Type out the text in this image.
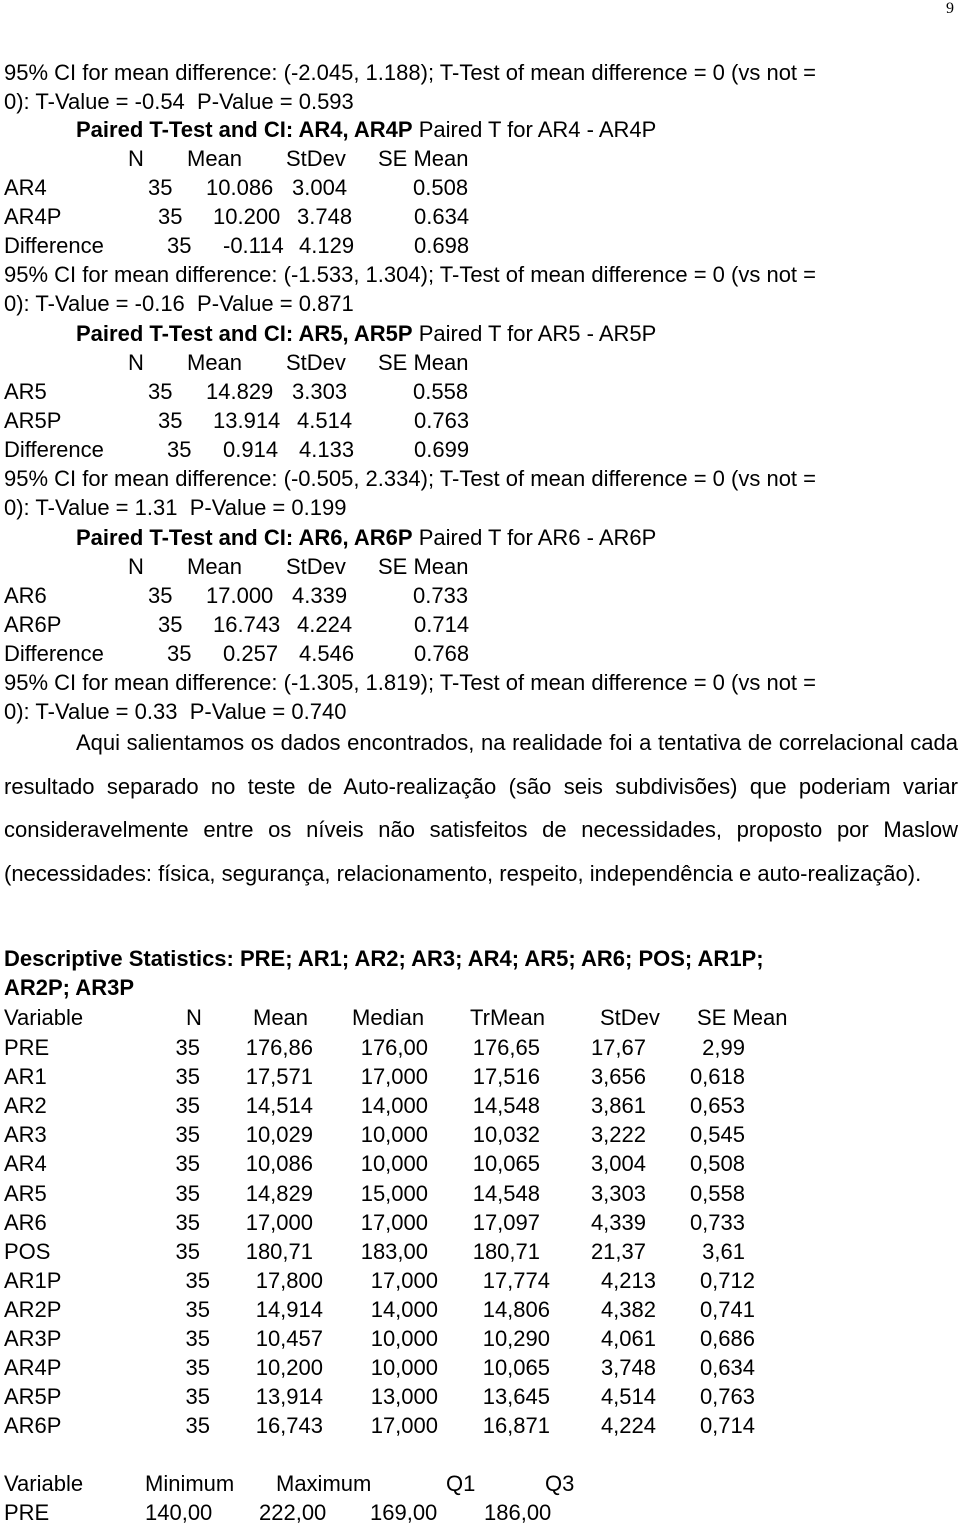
9
95% CI for mean difference: (-2.045, 1.188); T-Test of mean difference = 0 (vs not =
0): T-Value = -0.54  P-Value = 0.593
Paired T-Test and CI: AR4, AR4P Paired T for AR4 - AR4P
N Mean StDev SE Mean
AR4	35 10.086 3.004	0.508
AR4P	35 10.200 3.748	0.634
Difference	35 -0.114 4.129	0.698
95% CI for mean difference: (-1.533, 1.304); T-Test of mean difference = 0 (vs not =
0): T-Value = -0.16  P-Value = 0.871
Paired T-Test and CI: AR5, AR5P Paired T for AR5 - AR5P
N Mean StDev SE Mean
AR5	35 14.829 3.303	0.558
AR5P	35 13.914 4.514	0.763
Difference	35 0.914 4.133	0.699
95% CI for mean difference: (-0.505, 2.334); T-Test of mean difference = 0 (vs not =
0): T-Value = 1.31  P-Value = 0.199
Paired T-Test and CI: AR6, AR6P Paired T for AR6 - AR6P
N Mean StDev SE Mean
AR6	35 17.000 4.339	0.733
AR6P	35 16.743 4.224	0.714
Difference	35 0.257 4.546	0.768
95% CI for mean difference: (-1.305, 1.819); T-Test of mean difference = 0 (vs not =
0): T-Value = 0.33  P-Value = 0.740
Aqui salientamos os dados encontrados, na realidade foi a tentativa de correlacional cada resultado separado no teste de Auto-realização (são seis subdivisões) que poderiam variar consideravelmente entre os níveis não satisfeitos de necessidades, proposto por Maslow (necessidades: física, segurança, relacionamento, respeito, independência e auto-realização).
Descriptive Statistics: PRE; AR1; AR2; AR3; AR4; AR5; AR6; POS; AR1P;
AR2P; AR3P
Variable	N Mean Median TrMean	StDev SE Mean
PRE	35 176,86 176,00 176,65 17,67	2,99
AR1	35 17,571 17,000 17,516 3,656 0,618
AR2	35 14,514 14,000 14,548 3,861 0,653
AR3	35 10,029 10,000 10,032 3,222 0,545
AR4	35 10,086 10,000 10,065 3,004 0,508
AR5	35 14,829 15,000 14,548 3,303 0,558
AR6	35 17,000 17,000 17,097 4,339 0,733
POS	35 180,71 183,00 180,71 21,37	3,61
AR1P	35 17,800 17,000 17,774 4,213 0,712
AR2P	35 14,914 14,000 14,806 4,382 0,741
AR3P	35 10,457 10,000 10,290 4,061 0,686
AR4P	35 10,200 10,000 10,065 3,748 0,634
AR5P	35 13,914 13,000 13,645 4,514 0,763
AR6P	35 16,743 17,000 16,871 4,224 0,714
Variable	Minimum Maximum	Q1	Q3
PRE	140,00 222,00 169,00 186,00
